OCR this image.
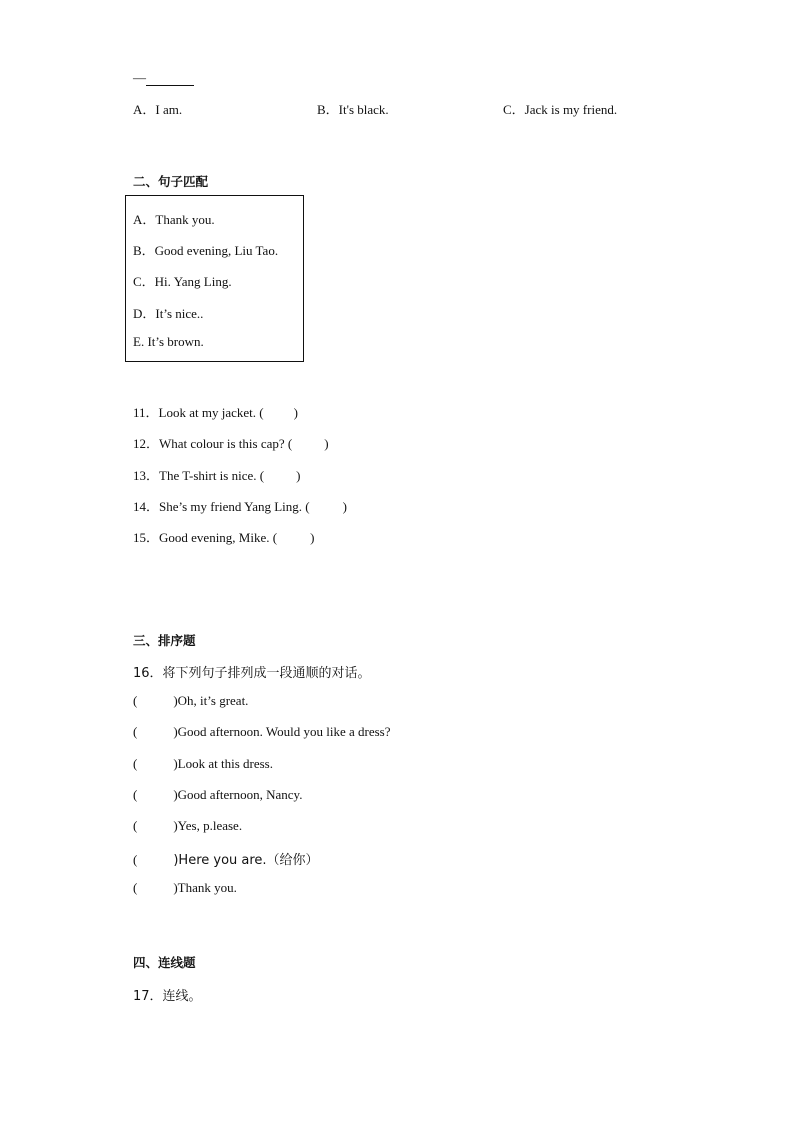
—
A．I am.	B．It's black.	C．Jack is my friend.
二、句子匹配
A．Thank you.
B．Good evening, Liu Tao.
C．Hi. Yang Ling.
D．It’s nice..
E. It’s brown.
11．Look at my jacket. ( )
12．What colour is this cap? ( )
13．The T-shirt is nice. ( )
14．She’s my friend Yang Ling. (	)
15．Good evening, Mike. (	)
三、排序题
16．将下列句子排列成一段通顺的对话。
(	)Oh, it’s great.
(	)Good afternoon. Would you like a dress?
(	)Look at this dress.
(	)Good afternoon, Nancy.
(	)Yes, p.lease.
(	)Here you are.（给你）
(	)Thank you.
四、连线题
17．连线。
